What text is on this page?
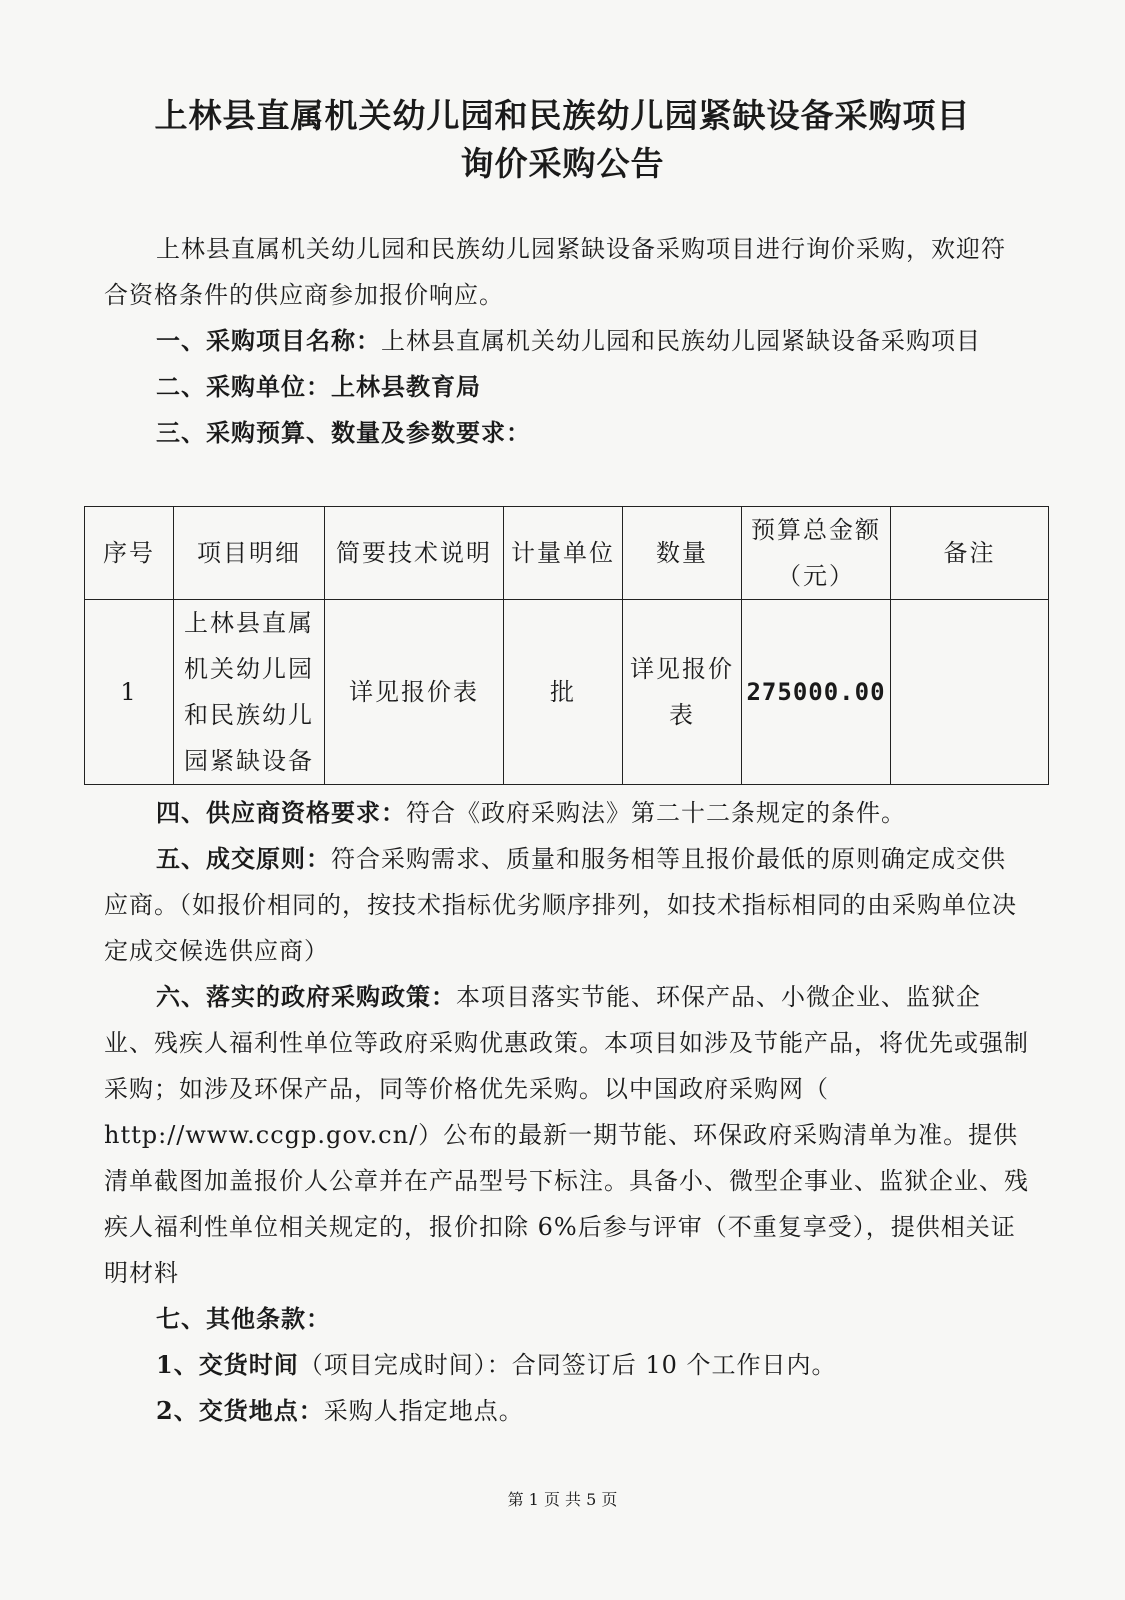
上林县直属机关幼儿园和民族幼儿园紧缺设备采购项目
询价采购公告

上林县直属机关幼儿园和民族幼儿园紧缺设备采购项目进行询价采购，欢迎符合资格条件的供应商参加报价响应。

一、采购项目名称：上林县直属机关幼儿园和民族幼儿园紧缺设备采购项目

二、采购单位：上林县教育局

三、采购预算、数量及参数要求：

序号	项目明细	简要技术说明	计量单位	数量	预算总金额（元）	备注
1	上林县直属机关幼儿园和民族幼儿园紧缺设备	详见报价表	批	详见报价表	275000.00	

四、供应商资格要求：符合《政府采购法》第二十二条规定的条件。

五、成交原则：符合采购需求、质量和服务相等且报价最低的原则确定成交供应商。（如报价相同的，按技术指标优劣顺序排列，如技术指标相同的由采购单位决定成交候选供应商）

六、落实的政府采购政策：本项目落实节能、环保产品、小微企业、监狱企业、残疾人福利性单位等政府采购优惠政策。本项目如涉及节能产品，将优先或强制采购；如涉及环保产品，同等价格优先采购。以中国政府采购网（ http://www.ccgp.gov.cn/）公布的最新一期节能、环保政府采购清单为准。提供清单截图加盖报价人公章并在产品型号下标注。具备小、微型企事业、监狱企业、残疾人福利性单位相关规定的，报价扣除 6%后参与评审（不重复享受），提供相关证明材料

七、其他条款：

1、交货时间（项目完成时间）：合同签订后 10 个工作日内。

2、交货地点：采购人指定地点。

第 1 页 共 5 页
